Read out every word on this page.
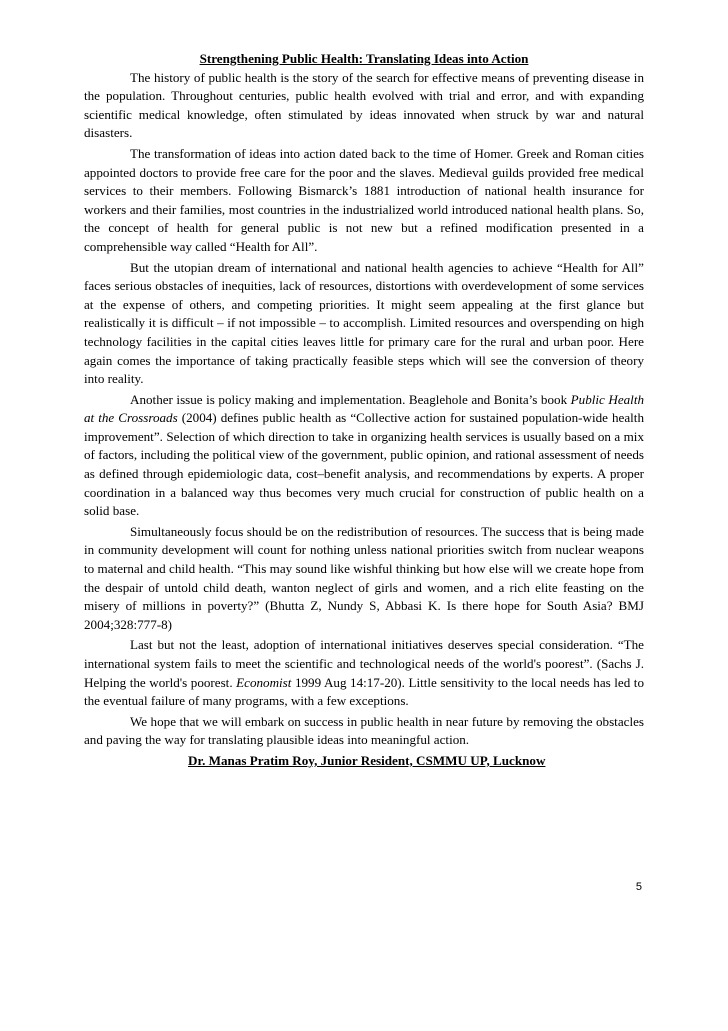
Strengthening Public Health: Translating Ideas into Action

The history of public health is the story of the search for effective means of preventing disease in the population. Throughout centuries, public health evolved with trial and error, and with expanding scientific medical knowledge, often stimulated by ideas innovated when struck by war and natural disasters.

The transformation of ideas into action dated back to the time of Homer. Greek and Roman cities appointed doctors to provide free care for the poor and the slaves. Medieval guilds provided free medical services to their members. Following Bismarck’s 1881 introduction of national health insurance for workers and their families, most countries in the industrialized world introduced national health plans. So, the concept of health for general public is not new but a refined modification presented in a comprehensible way called “Health for All”.

But the utopian dream of international and national health agencies to achieve “Health for All” faces serious obstacles of inequities, lack of resources, distortions with overdevelopment of some services at the expense of others, and competing priorities. It might seem appealing at the first glance but realistically it is difficult – if not impossible – to accomplish. Limited resources and overspending on high technology facilities in the capital cities leaves little for primary care for the rural and urban poor. Here again comes the importance of taking practically feasible steps which will see the conversion of theory into reality.

Another issue is policy making and implementation. Beaglehole and Bonita’s book Public Health at the Crossroads (2004) defines public health as “Collective action for sustained population-wide health improvement”. Selection of which direction to take in organizing health services is usually based on a mix of factors, including the political view of the government, public opinion, and rational assessment of needs as defined through epidemiologic data, cost–benefit analysis, and recommendations by experts. A proper coordination in a balanced way thus becomes very much crucial for construction of public health on a solid base.

Simultaneously focus should be on the redistribution of resources. The success that is being made in community development will count for nothing unless national priorities switch from nuclear weapons to maternal and child health. “This may sound like wishful thinking but how else will we create hope from the despair of untold child death, wanton neglect of girls and women, and a rich elite feasting on the misery of millions in poverty?” (Bhutta Z, Nundy S, Abbasi K. Is there hope for South Asia? BMJ 2004;328:777-8)

Last but not the least, adoption of international initiatives deserves special consideration. “The international system fails to meet the scientific and technological needs of the world's poorest”. (Sachs J. Helping the world's poorest. Economist 1999 Aug 14:17-20). Little sensitivity to the local needs has led to the eventual failure of many programs, with a few exceptions.

We hope that we will embark on success in public health in near future by removing the obstacles and paving the way for translating plausible ideas into meaningful action.

Dr. Manas Pratim Roy, Junior Resident, CSMMU UP, Lucknow
5
